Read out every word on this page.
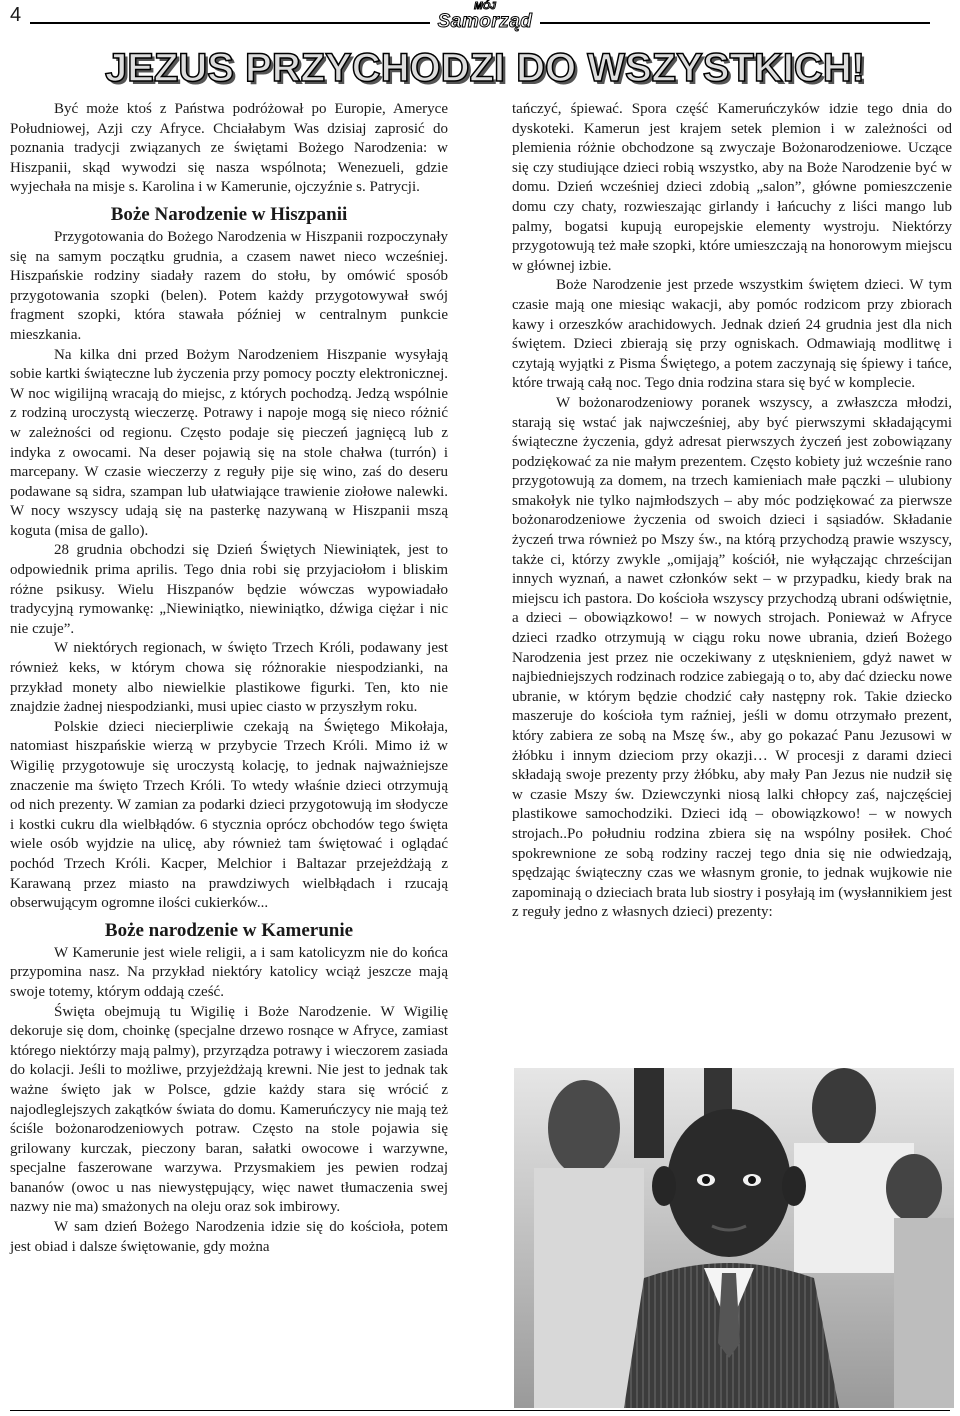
4	MÓJ
Samorząd
JEZUS PRZYCHODZI DO WSZYSTKICH!

Być może ktoś z Państwa podróżował po Europie, Ameryce Południowej, Azji czy Afryce. Chciałabym Was dzisiaj zaprosić do poznania tradycji związanych ze świętami Bożego Narodzenia: w Hiszpanii, skąd wywodzi się nasza wspólnota; Wenezueli, gdzie wyjechała na misje s. Karolina i w Kamerunie, ojczyźnie s. Patrycji.

Boże Narodzenie w Hiszpanii

Przygotowania do Bożego Narodzenia w Hiszpanii rozpoczynały się na samym początku grudnia, a czasem nawet nieco wcześniej. Hiszpańskie rodziny siadały razem do stołu, by omówić sposób przygotowania szopki (belen). Potem każdy przygotowywał swój fragment szopki, która stawała później w centralnym punkcie mieszkania.

Na kilka dni przed Bożym Narodzeniem Hiszpanie wysyłają sobie kartki świąteczne lub życzenia przy pomocy poczty elektronicznej. W noc wigilijną wracają do miejsc, z których pochodzą. Jedzą wspólnie z rodziną uroczystą wieczerzę. Potrawy i napoje mogą się nieco różnić w zależności od regionu. Często podaje się pieczeń jagnięcą lub z indyka z owocami. Na deser pojawią się na stole chałwa (turrón) i marcepany. W czasie wieczerzy z reguły pije się wino, zaś do deseru podawane są sidra, szampan lub ułatwiające trawienie ziołowe nalewki. W nocy wszyscy udają się na pasterkę nazywaną w Hiszpanii mszą koguta (misa de gallo).

28 grudnia obchodzi się Dzień Świętych Niewiniątek, jest to odpowiednik prima aprilis. Tego dnia robi się przyjaciołom i bliskim różne psikusy. Wielu Hiszpanów będzie wówczas wypowiadało tradycyjną rymowankę: „Niewiniątko, niewiniątko, dźwiga ciężar i nic nie czuje”.

W niektórych regionach, w święto Trzech Króli, podawany jest również keks, w którym chowa się różnorakie niespodzianki, na przykład monety albo niewielkie plastikowe figurki. Ten, kto nie znajdzie żadnej niespodzianki, musi upiec ciasto w przyszłym roku.

Polskie dzieci niecierpliwie czekają na Świętego Mikołaja, natomiast hiszpańskie wierzą w przybycie Trzech Króli. Mimo iż w Wigilię przygotowuje się uroczystą kolację, to jednak najważniejsze znaczenie ma święto Trzech Króli. To wtedy właśnie dzieci otrzymują od nich prezenty. W zamian za podarki dzieci przygotowują im słodycze i kostki cukru dla wielbłądów. 6 stycznia oprócz obchodów tego święta wiele osób wyjdzie na ulicę, aby również tam świętować i oglądać pochód Trzech Króli. Kacper, Melchior i Baltazar przejeżdżają z Karawaną przez miasto na prawdziwych wielbłądach i rzucają obserwującym ogromne ilości cukierków...

Boże narodzenie w Kamerunie

W Kamerunie jest wiele religii, a i sam katolicyzm nie do końca przypomina nasz. Na przykład niektóry katolicy wciąż jeszcze mają swoje totemy, którym oddają cześć.

Święta obejmują tu Wigilię i Boże Narodzenie. W Wigilię dekoruje się dom, choinkę (specjalne drzewo rosnące w Afryce, zamiast którego niektórzy mają palmy), przyrządza potrawy i wieczorem zasiada do kolacji. Jeśli to możliwe, przyjeżdżają krewni. Nie jest to jednak tak ważne święto jak w Polsce, gdzie każdy stara się wrócić z najodleglejszych zakątków świata do domu. Kameruńczycy nie mają też ściśle bożonarodzeniowych potraw. Często na stole pojawia się grilowany kurczak, pieczony baran, sałatki owocowe i warzywne, specjalne faszerowane warzywa. Przysmakiem jes pewien rodzaj bananów (owoc u nas niewystępujący, więc nawet tłumaczenia swej nazwy nie ma) smażonych na oleju oraz sok imbirowy.

W sam dzień Bożego Narodzenia idzie się do kościoła, potem jest obiad i dalsze świętowanie, gdy można

tańczyć, śpiewać. Spora część Kameruńczyków idzie tego dnia do dyskoteki. Kamerun jest krajem setek plemion i w zależności od plemienia różnie obchodzone są zwyczaje Bożonarodzeniowe. Uczące się czy studiujące dzieci robią wszystko, aby na Boże Narodzenie być w domu. Dzień wcześniej dzieci zdobią „salon”, główne pomieszczenie domu czy chaty, rozwieszając girlandy i łańcuchy z liści mango lub palmy, bogatsi kupują europejskie elementy wystroju. Niektórzy przygotowują też małe szopki, które umieszczają na honorowym miejscu w głównej izbie.

Boże Narodzenie jest przede wszystkim świętem dzieci. W tym czasie mają one miesiąc wakacji, aby pomóc rodzicom przy zbiorach kawy i orzeszków arachidowych. Jednak dzień 24 grudnia jest dla nich świętem. Dzieci zbierają się przy ogniskach. Odmawiają modlitwę i czytają wyjątki z Pisma Świętego, a potem zaczynają się śpiewy i tańce, które trwają całą noc. Tego dnia rodzina stara się być w komplecie.

W bożonarodzeniowy poranek wszyscy, a zwłaszcza młodzi, starają się wstać jak najwcześniej, aby być pierwszymi składającymi świąteczne życzenia, gdyż adresat pierwszych życzeń jest zobowiązany podziękować za nie małym prezentem. Często kobiety już wcześnie rano przygotowują za domem, na trzech kamieniach małe pączki – ulubiony smakołyk nie tylko najmłodszych – aby móc podziękować za pierwsze bożonarodzeniowe życzenia od swoich dzieci i sąsiadów. Składanie życzeń trwa również po Mszy św., na którą przychodzą prawie wszyscy, także ci, którzy zwykle „omijają” kościół, nie wyłączając chrześcijan innych wyznań, a nawet członków sekt – w przypadku, kiedy brak na miejscu ich pastora. Do kościoła wszyscy przychodzą ubrani odświętnie, a dzieci – obowiązkowo! – w nowych strojach. Ponieważ w Afryce dzieci rzadko otrzymują w ciągu roku nowe ubrania, dzień Bożego Narodzenia jest przez nie oczekiwany z utęsknieniem, gdyż nawet w najbiedniejszych rodzinach rodzice zabiegają o to, aby dać dziecku nowe ubranie, w którym będzie chodzić cały następny rok. Takie dziecko maszeruje do kościoła tym raźniej, jeśli w domu otrzymało prezent, który zabiera ze sobą na Mszę św., aby go pokazać Panu Jezusowi w żłóbku i innym dzieciom przy okazji… W procesji z darami dzieci składają swoje prezenty przy żłóbku, aby mały Pan Jezus nie nudził się w czasie Mszy św. Dziewczynki niosą lalki chłopcy zaś, najczęściej plastikowe samochodziki. Dzieci idą – obowiązkowo! – w nowych strojach..Po południu rodzina zbiera się na wspólny posiłek. Choć spokrewnione ze sobą rodziny raczej tego dnia się nie odwiedzają, spędzając świąteczny czas we własnym gronie, to jednak wujkowie nie zapominają o dzieciach brata lub siostry i posyłają im (wysłannikiem jest z reguły jedno z własnych dzieci) prezenty:
